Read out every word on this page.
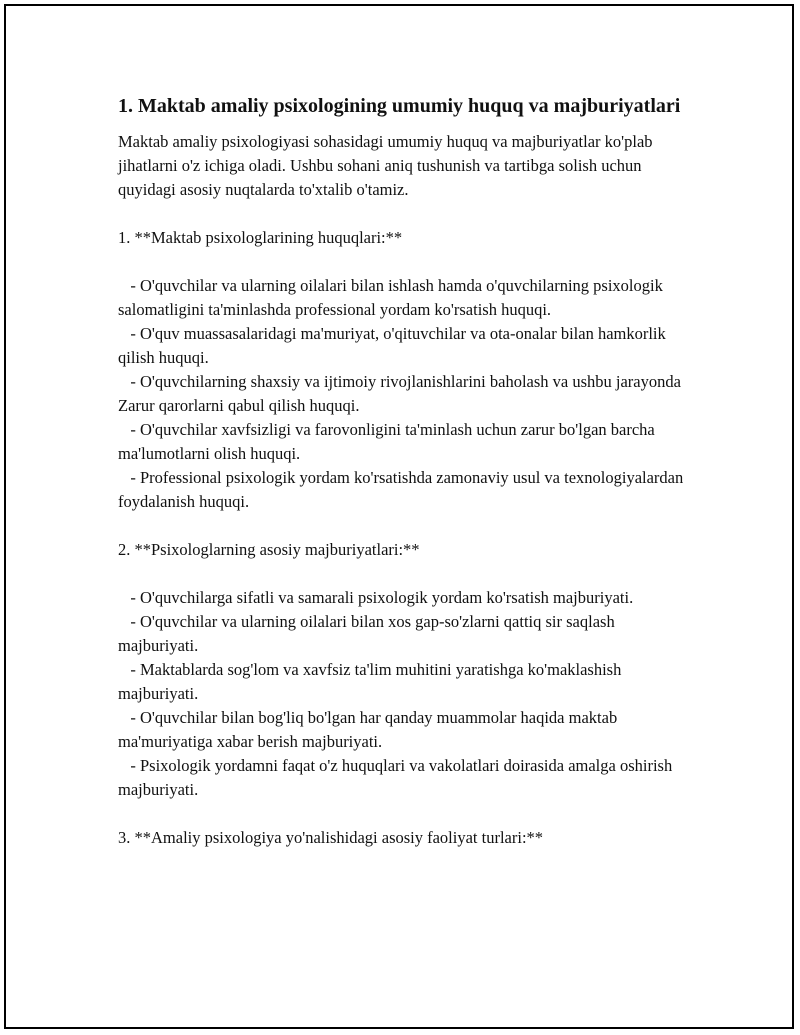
1. Maktab amaliy psixologining umumiy huquq va majburiyatlari

Maktab amaliy psixologiyasi sohasidagi umumiy huquq va majburiyatlar ko'plab jihatlarni o'z ichiga oladi. Ushbu sohani aniq tushunish va tartibga solish uchun quyidagi asosiy nuqtalarda to'xtalib o'tamiz.

1. **Maktab psixologlarining huquqlari:**

- O'quvchilar va ularning oilalari bilan ishlash hamda o'quvchilarning psixologik salomatligini ta'minlashda professional yordam ko'rsatish huquqi.

- O'quv muassasalaridagi ma'muriyat, o'qituvchilar va ota-onalar bilan hamkorlik qilish huquqi.

- O'quvchilarning shaxsiy va ijtimoiy rivojlanishlarini baholash va ushbu jarayonda Zarur qarorlarni qabul qilish huquqi.

- O'quvchilar xavfsizligi va farovonligini ta'minlash uchun zarur bo'lgan barcha ma'lumotlarni olish huquqi.

- Professional psixologik yordam ko'rsatishda zamonaviy usul va texnologiyalardan foydalanish huquqi.

2. **Psixologlarning asosiy majburiyatlari:**

- O'quvchilarga sifatli va samarali psixologik yordam ko'rsatish majburiyati.

- O'quvchilar va ularning oilalari bilan xos gap-so'zlarni qattiq sir saqlash majburiyati.

- Maktablarda sog'lom va xavfsiz ta'lim muhitini yaratishga ko'maklashish majburiyati.

- O'quvchilar bilan bog'liq bo'lgan har qanday muammolar haqida maktab ma'muriyatiga xabar berish majburiyati.

- Psixologik yordamni faqat o'z huquqlari va vakolatlari doirasida amalga oshirish majburiyati.

3. **Amaliy psixologiya yo'nalishidagi asosiy faoliyat turlari:**
